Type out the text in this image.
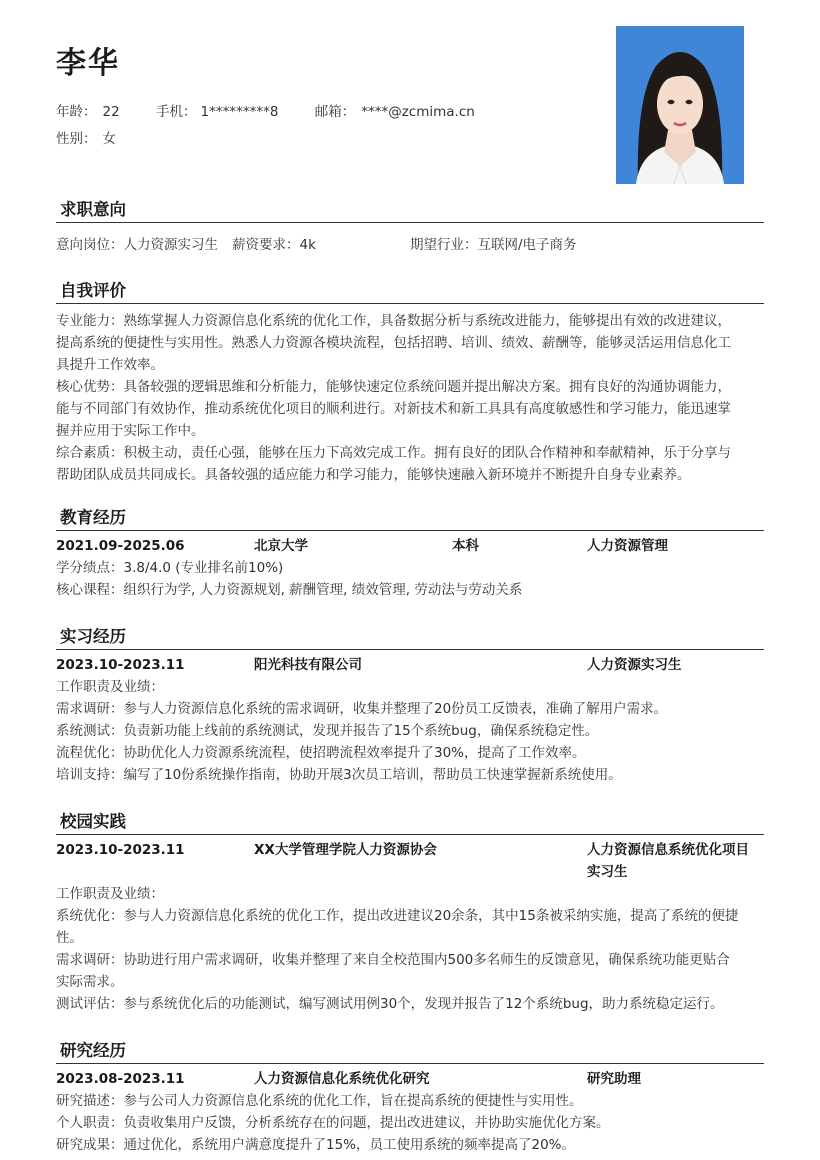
李华
年龄： 22	手机： 1*********8	邮箱： ****@zcmima.cn
性别： 女
求职意向
意向岗位：人力资源实习生 薪资要求：4k	期望行业：互联网/电子商务
自我评价
专业能力：熟练掌握人力资源信息化系统的优化工作，具备数据分析与系统改进能力，能够提出有效的改进建议，
提高系统的便捷性与实用性。熟悉人力资源各模块流程，包括招聘、培训、绩效、薪酬等，能够灵活运用信息化工
具提升工作效率。
核心优势：具备较强的逻辑思维和分析能力，能够快速定位系统问题并提出解决方案。拥有良好的沟通协调能力，
能与不同部门有效协作，推动系统优化项目的顺利进行。对新技术和新工具具有高度敏感性和学习能力，能迅速掌
握并应用于实际工作中。
综合素质：积极主动，责任心强，能够在压力下高效完成工作。拥有良好的团队合作精神和奉献精神，乐于分享与
帮助团队成员共同成长。具备较强的适应能力和学习能力，能够快速融入新环境并不断提升自身专业素养。
教育经历
2021.09-2025.06	北京大学	本科	人力资源管理
学分绩点：3.8/4.0 (专业排名前10%)
核心课程：组织行为学, 人力资源规划, 薪酬管理, 绩效管理, 劳动法与劳动关系
实习经历
2023.10-2023.11	阳光科技有限公司	人力资源实习生
工作职责及业绩：
需求调研：参与人力资源信息化系统的需求调研，收集并整理了20份员工反馈表，准确了解用户需求。
系统测试：负责新功能上线前的系统测试，发现并报告了15个系统bug，确保系统稳定性。
流程优化：协助优化人力资源系统流程，使招聘流程效率提升了30%，提高了工作效率。
培训支持：编写了10份系统操作指南，协助开展3次员工培训，帮助员工快速掌握新系统使用。
校园实践
2023.10-2023.11	XX大学管理学院人力资源协会	人力资源信息系统优化项目
实习生
工作职责及业绩：
系统优化：参与人力资源信息化系统的优化工作，提出改进建议20余条，其中15条被采纳实施，提高了系统的便捷
性。
需求调研：协助进行用户需求调研，收集并整理了来自全校范围内500多名师生的反馈意见，确保系统功能更贴合
实际需求。
测试评估：参与系统优化后的功能测试，编写测试用例30个，发现并报告了12个系统bug，助力系统稳定运行。
研究经历
2023.08-2023.11	人力资源信息化系统优化研究	研究助理
研究描述：参与公司人力资源信息化系统的优化工作，旨在提高系统的便捷性与实用性。
个人职责：负责收集用户反馈，分析系统存在的问题，提出改进建议，并协助实施优化方案。
研究成果：通过优化，系统用户满意度提升了15%，员工使用系统的频率提高了20%。
